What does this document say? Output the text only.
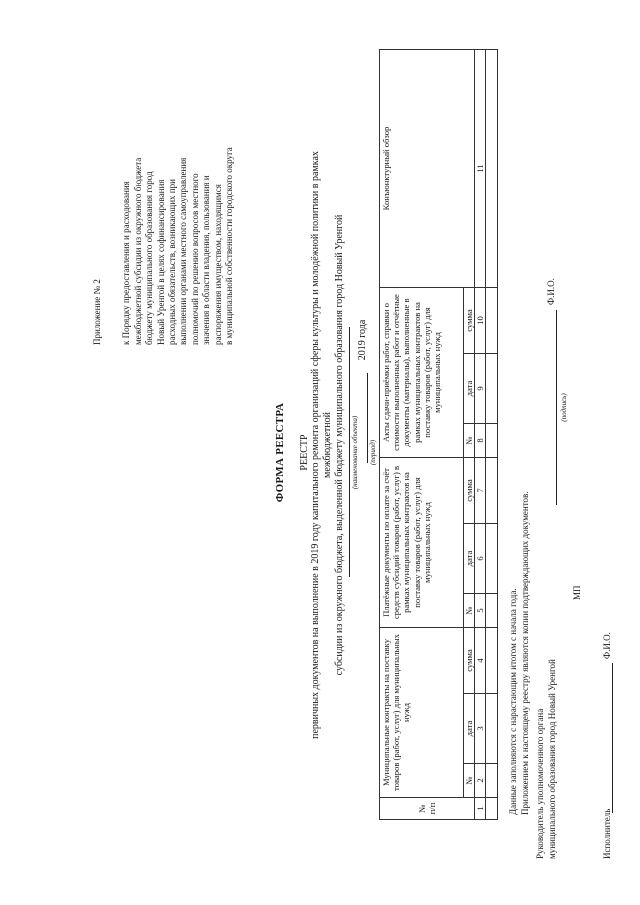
Приложение № 2 к Порядку предоставления и расходования межбюджетной субсидии из окружного бюджета бюджету муниципального образования город Новый Уренгой в целях софинансирования расходных обязательств, возникающих при выполнении органами местного самоуправления полномочий по решению вопросов местного значения в области владения, пользования и распоряжения имуществом, находящимся в муниципальной собственности городского округа
ФОРМА РЕЕСТРА РЕЕСТР первичных документов на выполнение в 2019 году капитального ремонта организаций сферы культуры и молодёжной политики в рамках межбюджетной субсидии из окружного бюджета, выделенной бюджету муниципального образования город Новый Уренгой (наименование объекта)
2019 года
(период)
№ п/п	Муниципальные контракты на поставку товаров (работ, услуг) для муниципальных нужд			Платёжные документы по оплате за счёт средств субсидий товаров (работ, услуг) в рамках муниципальных контрактов на поставку товаров (работ, услуг) для муниципальных нужд			Акты сдачи-приёмки работ, справки о стоимости выполненных работ и отчётные документы (материалы), выполненные в рамках муниципальных контрактов на поставку товаров (работ, услуг) для муниципальных нужд			Конъюнктурный обзор
	№	дата	сумма	№	дата	сумма	№	дата	сумма	
1	2	3	4	5	6	7	8	9	10	11

Данные заполняются с нарастающим итогом с начала года. Приложением к настоящему реестру являются копии подтверждающих документов. Руководитель уполномоченного органа муниципального образования город Новый Уренгой
Ф.И.О.
(подпись)
МП
Исполнитель
Ф.И.О.
